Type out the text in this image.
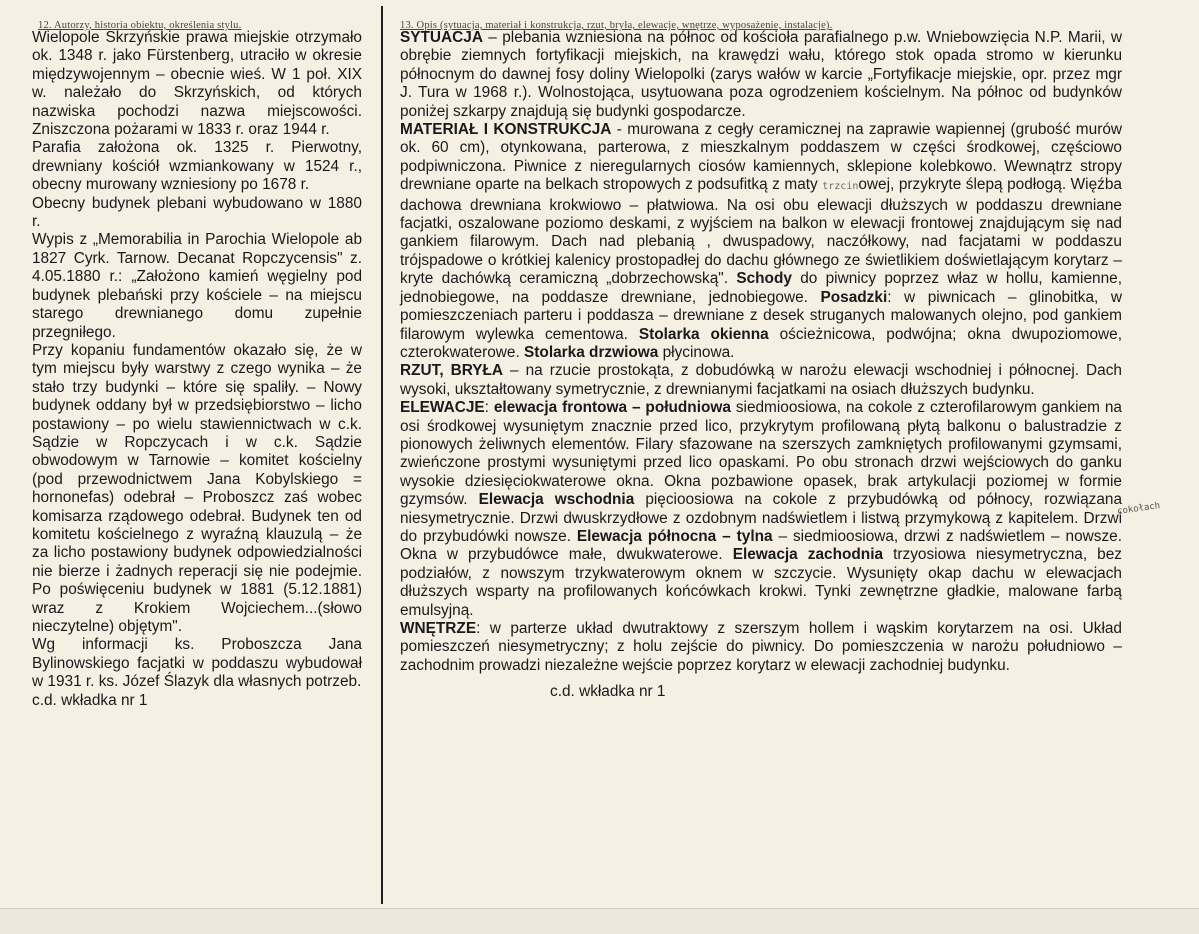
12. Autorzy, historia obiektu, określenia stylu.

Wielopole Skrzyńskie prawa miejskie otrzymało ok. 1348 r. jako Fürstenberg, utraciło w okresie międzywojennym – obecnie wieś. W 1 poł. XIX w. należało do Skrzyńskich, od których nazwiska pochodzi nazwa miejscowości. Zniszczona pożarami w 1833 r. oraz 1944 r.

Parafia założona ok. 1325 r. Pierwotny, drewniany kościół wzmiankowany w 1524 r., obecny murowany wzniesiony po 1678 r.

Obecny budynek plebani wybudowano w 1880 r.

Wypis z „Memorabilia in Parochia Wielopole ab 1827 Cyrk. Tarnow. Decanat Ropczycensis" z. 4.05.1880 r.: „Założono kamień węgielny pod budynek plebański przy kościele – na miejscu starego drewnianego domu zupełnie przegniłego.

Przy kopaniu fundamentów okazało się, że w tym miejscu były warstwy z czego wynika – że stało trzy budynki – które się spaliły. – Nowy budynek oddany był w przedsiębiorstwo – licho postawiony – po wielu stawiennictwach w c.k. Sądzie w Ropczycach i w c.k. Sądzie obwodowym w Tarnowie – komitet kościelny (pod przewodnictwem Jana Kobylskiego = hornonefas) odebrał – Proboszcz zaś wobec komisarza rządowego odebrał. Budynek ten od komitetu kościelnego z wyraźną klauzulą – że za licho postawiony budynek odpowiedzialności nie bierze i żadnych reperacji się nie podejmie. Po poświęceniu budynek w 1881 (5.12.1881) wraz z Krokiem Wojciechem...(słowo nieczytelne) objętym".

Wg informacji ks. Proboszcza Jana Bylinowskiego facjatki w poddaszu wybudował w 1931 r. ks. Józef Ślazyk dla własnych potrzeb.

c.d. wkładka nr 1
13. Opis (sytuacja, materiał i konstrukcja, rzut, bryła, elewacje, wnętrze, wyposażenie, instalacje).

SYTUACJA – plebania wzniesiona na północ od kościoła parafialnego p.w. Wniebowzięcia N.P. Marii, w obrębie ziemnych fortyfikacji miejskich, na krawędzi wału, którego stok opada stromo w kierunku północnym do dawnej fosy doliny Wielopolki (zarys wałów w karcie „Fortyfikacje miejskie, opr. przez mgr J. Tura w 1968 r.). Wolnostojąca, usytuowana poza ogrodzeniem kościelnym. Na północ od budynków poniżej szkarpy znajdują się budynki gospodarcze.

MATERIAŁ I KONSTRUKCJA - murowana z cegły ceramicznej na zaprawie wapiennej (grubość murów ok. 60 cm), otynkowana, parterowa, z mieszkalnym poddaszem w części środkowej, częściowo podpiwniczona. Piwnice z nieregularnych ciosów kamiennych, sklepione kolebkowo. Wewnątrz stropy drewniane oparte na belkach stropowych z podsufitką z maty trzcinowej, przykryte ślepą podłogą. Więźba dachowa drewniana krokwiowo – płatwiowa. Na osi obu elewacji dłuższych w poddaszu drewniane facjatki, oszalowane poziomo deskami, z wyjściem na balkon w elewacji frontowej znajdującym się nad gankiem filarowym. Dach nad plebanią , dwuspadowy, naczółkowy, nad facjatami w poddaszu trójspadowe o krótkiej kalenicy prostopadłej do dachu głównego ze świetlikiem doświetlającym korytarz – kryte dachówką ceramiczną „dobrzechowską". Schody do piwnicy poprzez właz w hollu, kamienne, jednobiegowe, na poddasze drewniane, jednobiegowe. Posadzki: w piwnicach – glinobitka, w pomieszczeniach parteru i poddasza – drewniane z desek struganych malowanych olejno, pod gankiem filarowym wylewka cementowa. Stolarka okienna ościeżnicowa, podwójna; okna dwupoziomowe, czterokwaterowe. Stolarka drzwiowa płycinowa.

RZUT, BRYŁA – na rzucie prostokąta, z dobudówką w narożu elewacji wschodniej i północnej. Dach wysoki, ukształtowany symetrycznie, z drewnianymi facjatkami na osiach dłuższych budynku.

ELEWACJE: elewacja frontowa – południowa siedmioosiowa, na cokole z czterofilarowym gankiem na osi środkowej wysuniętym znacznie przed lico, przykrytym profilowaną płytą balkonu o balustradzie z pionowych żeliwnych elementów. Filary sfazowane na szerszych zamkniętych profilowanymi gzymsami, zwieńczone prostymi wysuniętymi przed lico opaskami. Po obu stronach drzwi wejściowych do ganku wysokie dziesięciokwaterowe okna. Okna pozbawione opasek, brak artykulacji poziomej w formie gzymsów. Elewacja wschodnia pięcioosiowa na cokole z przybudówką od północy, rozwiązana niesymetrycznie. Drzwi dwuskrzydłowe z ozdobnym nadświetlem i listwą przymykową z kapitelem. Drzwi do przybudówki nowsze. Elewacja północna – tylna – siedmioosiowa, drzwi z nadświetlem – nowsze. Okna w przybudówce małe, dwukwaterowe. Elewacja zachodnia trzyosiowa niesymetryczna, bez podziałów, z nowszym trzykwaterowym oknem w szczycie. Wysunięty okap dachu w elewacjach dłuższych wsparty na profilowanych końcówkach krokwi. Tynki zewnętrzne gładkie, malowane farbą emulsyjną.

WNĘTRZE: w parterze układ dwutraktowy z szerszym hollem i wąskim korytarzem na osi. Układ pomieszczeń niesymetryczny; z holu zejście do piwnicy. Do pomieszczenia w narożu południowo – zachodnim prowadzi niezależne wejście poprzez korytarz w elewacji zachodniej budynku.

c.d. wkładka nr 1
cokołach
